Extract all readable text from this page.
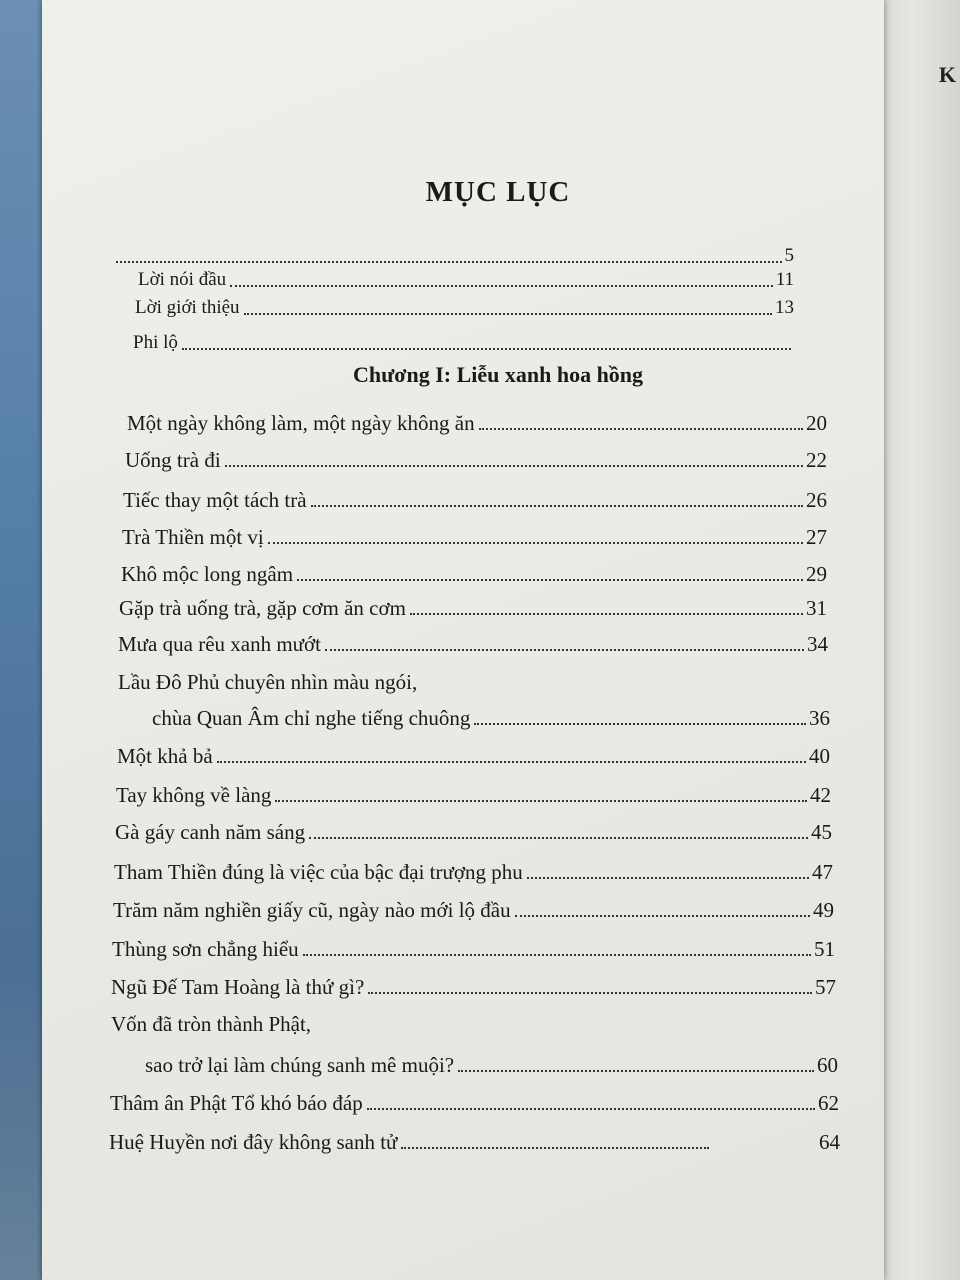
K
MỤC LỤC
5
Lời nói đầu	11
Lời giới thiệu	13
Phi lộ
Chương I: Liễu xanh hoa hồng
Một ngày không làm, một ngày không ăn	20
Uống trà đi	22
Tiếc thay một tách trà	26
Trà Thiền một vị	27
Khô mộc long ngâm	29
Gặp trà uống trà, gặp cơm ăn cơm	31
Mưa qua rêu xanh mướt	34
Lầu Đô Phủ chuyên nhìn màu ngói,
chùa Quan Âm chỉ nghe tiếng chuông	36
Một khả bả	40
Tay không về làng	42
Gà gáy canh năm sáng	45
Tham Thiền đúng là việc của bậc đại trượng phu	47
Trăm năm nghiền giấy cũ, ngày nào mới lộ đầu	49
Thùng sơn chẳng hiểu	51
Ngũ Đế Tam Hoàng là thứ gì?	57
Vốn đã tròn thành Phật,
sao trở lại làm chúng sanh mê muội?	60
Thâm ân Phật Tổ khó báo đáp	62
Huệ Huyền nơi đây không sanh tử	64
